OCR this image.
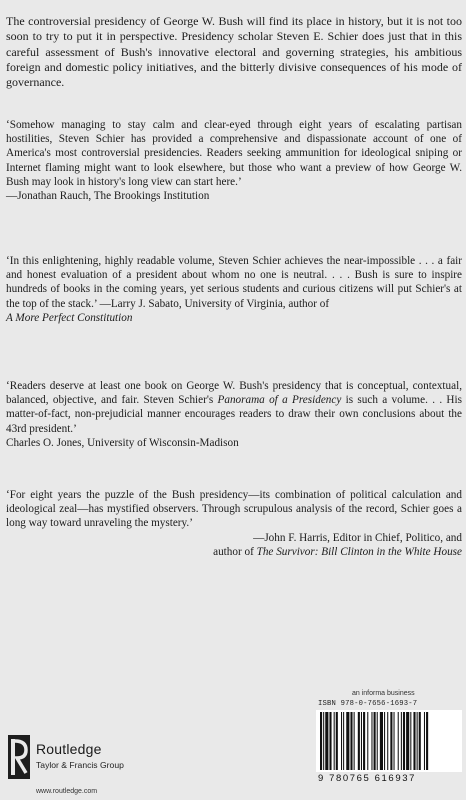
The controversial presidency of George W. Bush will find its place in history, but it is not too soon to try to put it in perspective. Presidency scholar Steven E. Schier does just that in this careful assessment of Bush's innovative electoral and governing strategies, his ambitious foreign and domestic policy initiatives, and the bitterly divisive consequences of his mode of governance.

‘Somehow managing to stay calm and clear-eyed through eight years of escalating partisan hostilities, Steven Schier has provided a comprehensive and dispassionate account of one of America's most controversial presidencies. Readers seeking ammunition for ideological sniping or Internet flaming might want to look elsewhere, but those who want a preview of how George W. Bush may look in history's long view can start here.’

—Jonathan Rauch, The Brookings Institution

‘In this enlightening, highly readable volume, Steven Schier achieves the near-impossible . . . a fair and honest evaluation of a president about whom no one is neutral. . . . Bush is sure to inspire hundreds of books in the coming years, yet serious students and curious citizens will put Schier's at the top of the stack.’ —Larry J. Sabato, University of Virginia, author of

A More Perfect Constitution

‘Readers deserve at least one book on George W. Bush's presidency that is conceptual, contextual, balanced, objective, and fair. Steven Schier's Panorama of a Presidency is such a volume. . . His matter-of-fact, non-prejudicial manner encourages readers to draw their own conclusions about the 43rd president.’

Charles O. Jones, University of Wisconsin-Madison

‘For eight years the puzzle of the Bush presidency—its combination of political calculation and ideological zeal—has mystified observers. Through scrupulous analysis of the record, Schier goes a long way toward unraveling the mystery.’

—John F. Harris, Editor in Chief, Politico, and
author of The Survivor: Bill Clinton in the White House

an informa business
ISBN 978-0-7656-1693-7
9 780765 616937
Routledge
Taylor & Francis Group
www.routledge.com
